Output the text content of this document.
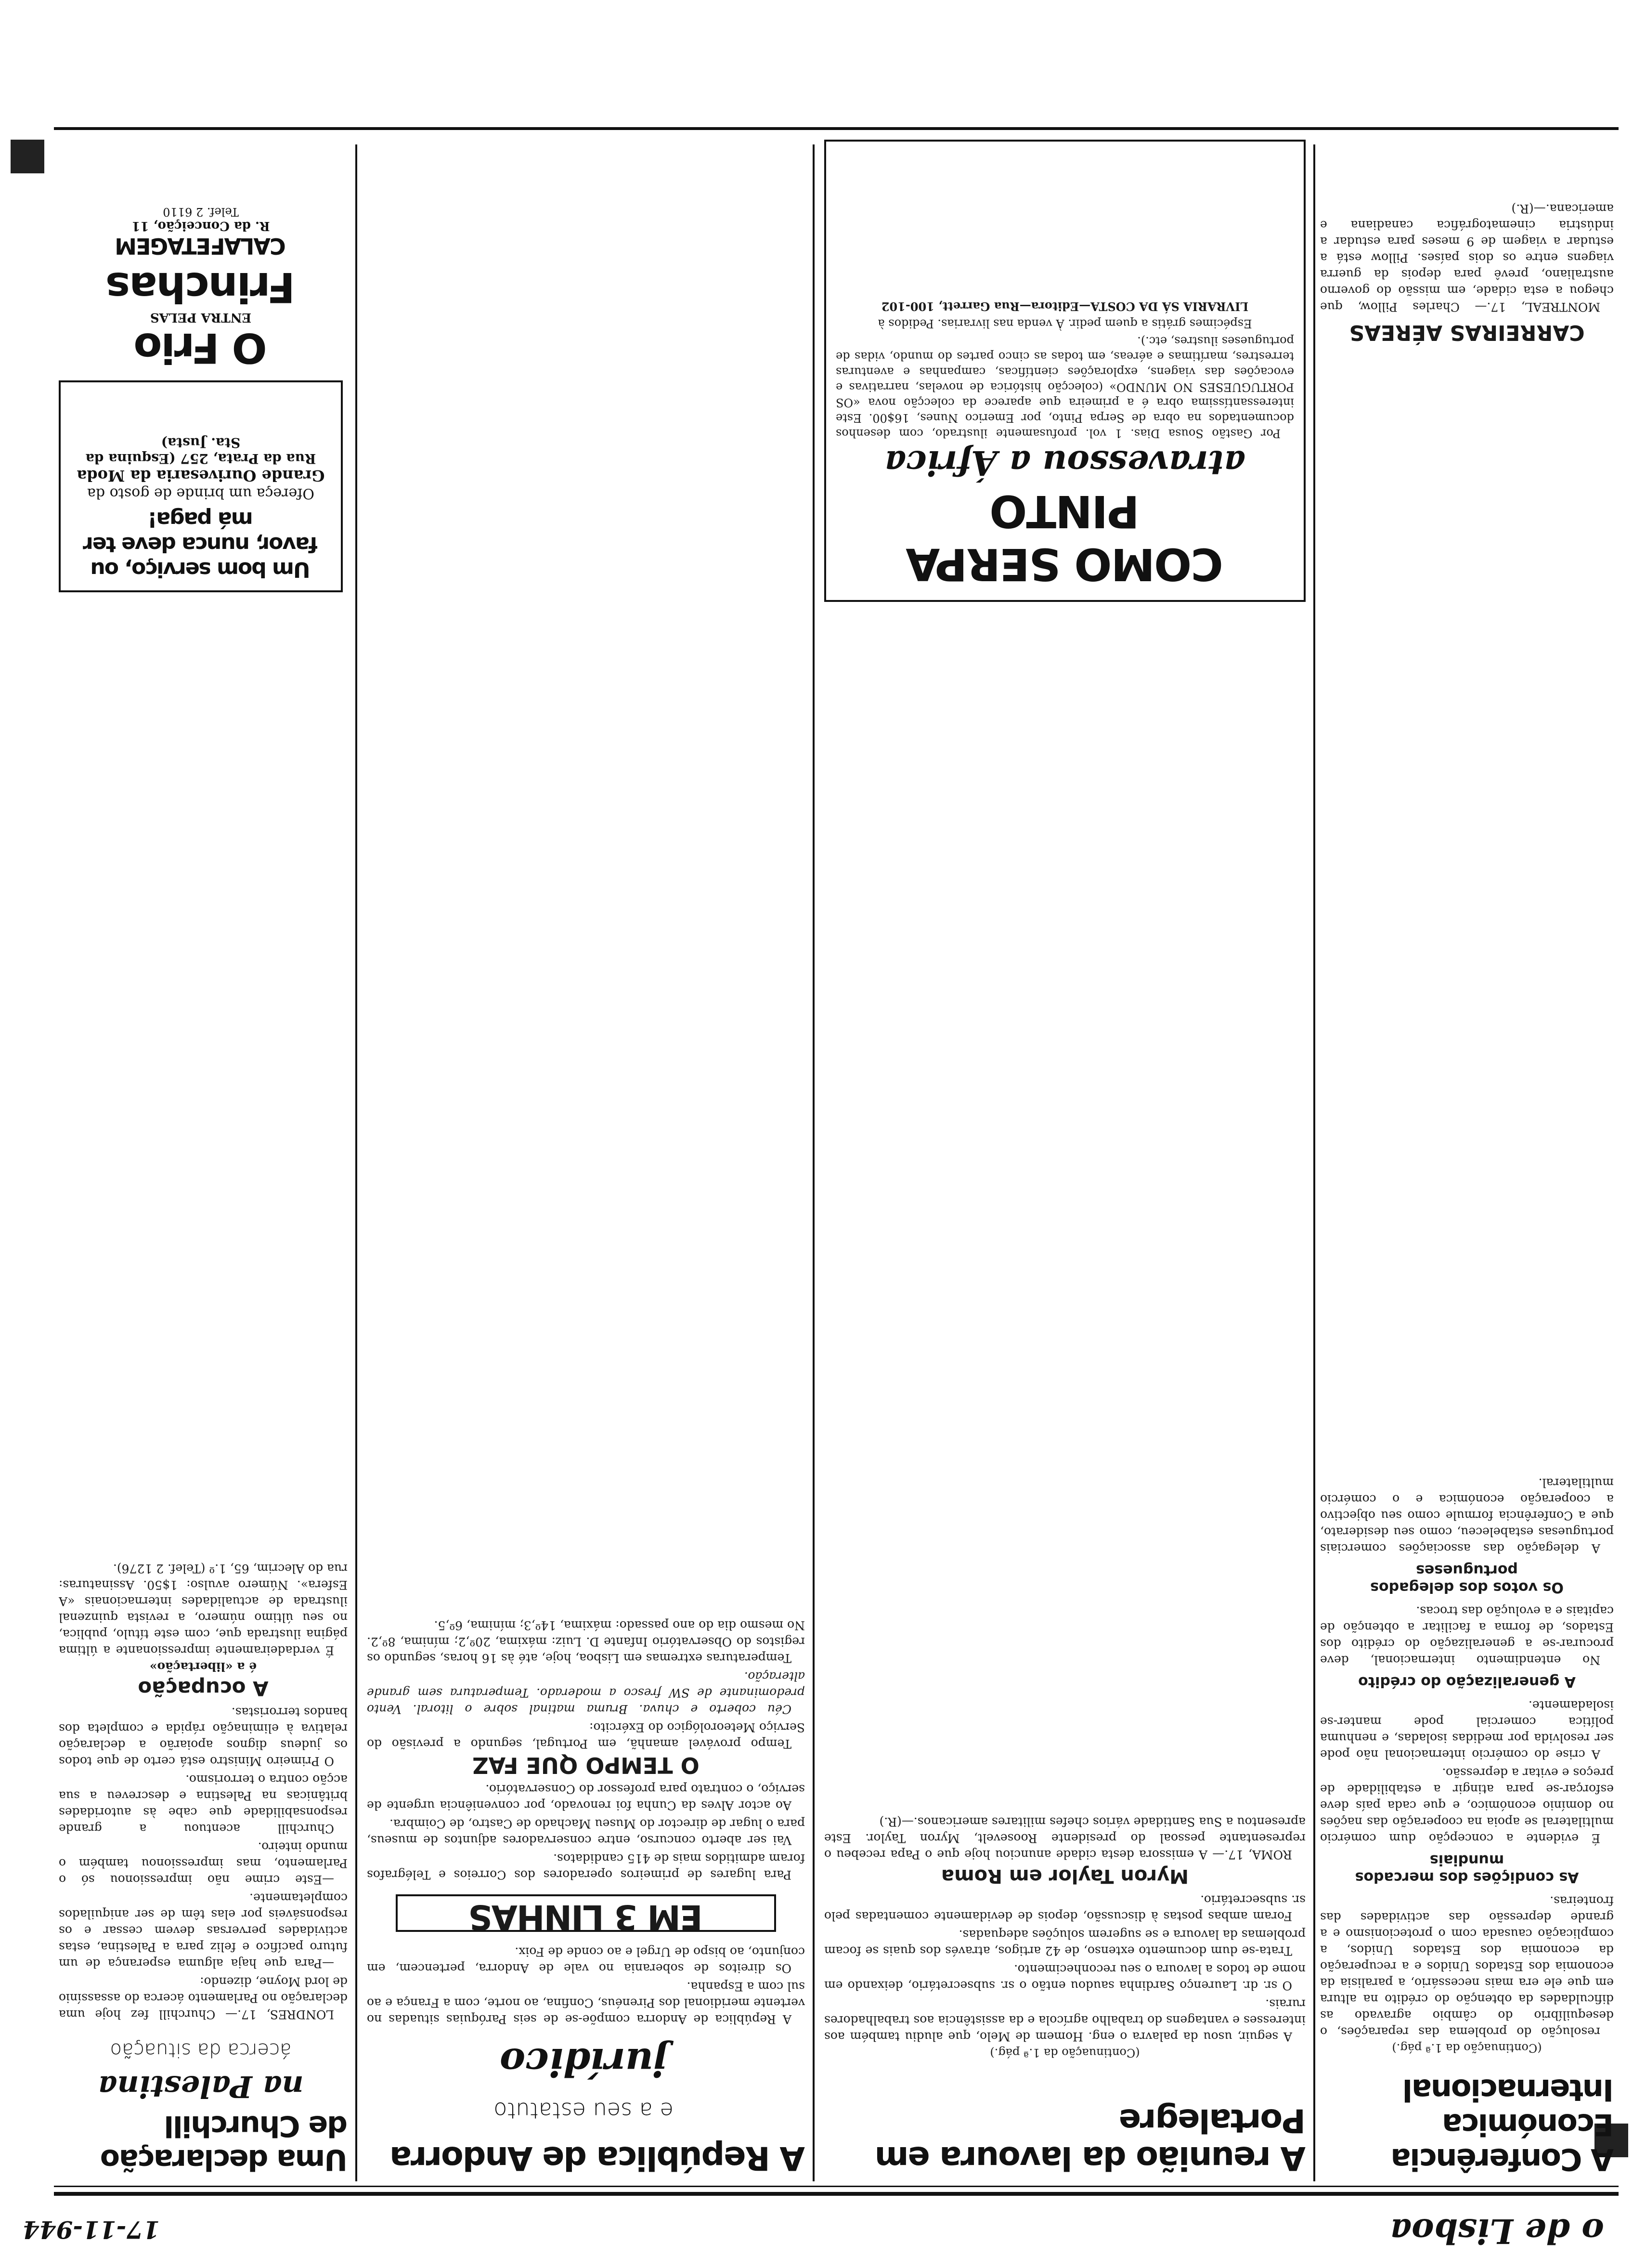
17-11-944	o de Lisboa
A Conferência Económica Internacional
(Continuação da 1.ª pág.)

resolução do problema das reparações, o desequilíbrio do câmbio agravado as dificuldades da obtenção do crédito na altura em que ele era mais necessário, a paralisia da economia dos Estados Unidos e a recuperação da economia dos Estados Unidos, a complicação causada com o protecionismo e a grande depressão das actividades das fronteiras.

As condições dos mercados mundiais

É evidente a concepção dum comércio multilateral se apoia na cooperação das nações no domínio económico, e que cada país deve esforçar-se para atingir a estabilidade de preços e evitar a depressão.

A crise do comércio internacional não pode ser resolvida por medidas isoladas, e nenhuma política comercial pode manter-se isoladamente.

A generalização do crédito

No entendimento internacional, deve procurar-se a generalização do crédito dos Estados, de forma a facilitar a obtenção de capitais e a evolução das trocas.

Os votos dos delegados portugueses

A delegação das associações comerciais portuguesas estabeleceu, como seu desiderato, que a Conferência formule como seu objectivo a cooperação económica e o comércio multilateral.

CARREIRAS AÉREAS

MONTREAL, 17.— Charles Pillow, que chegou a esta cidade, em missão do governo australiano, prevê para depois da guerra viagens entre os dois países. Pillow está a estudar a viagem de 9 meses para estudar a indústria cinematográfica canadiana e americana.—(R.)

A reunião da lavoura em Portalegre
(Continuação da 1.ª pág.)

A seguir, usou da palavra o eng. Homem de Melo, que aludiu também aos interesses e vantagens do trabalho agrícola e da assistência aos trabalhadores rurais.

O sr. dr. Laurenço Sardinha saudou então o sr. subsecretário, deixando em nome de todos a lavoura o seu reconhecimento.

Trata-se dum documento extenso, de 42 artigos, através dos quais se focam problemas da lavoura e se sugerem soluções adequadas.

Foram ambas postas à discussão, depois de devidamente comentadas pelo sr. subsecretário.

Myron Taylor em Roma

ROMA, 17.— A emissora desta cidade anunciou hoje que o Papa recebeu o representante pessoal do presidente Roosevelt, Myron Taylor. Este apresentou a Sua Santidade vários chefes militares americanos.—(R.)

COMO SERPA PINTO
atravessou a África

Por Gastão Sousa Dias. 1 vol. profusamente ilustrado, com desenhos documentados na obra de Serpa Pinto, por Emerico Nunes, 16$00. Este interessantíssima obra é a primeira que aparece da colecção nova «OS PORTUGUESES NO MUNDO» (colecção histórica de novelas, narrativas e evocações das viagens, explorações científicas, campanhas e aventuras terrestres, marítimas e aéreas, em todas as cinco partes do mundo, vidas de portugueses ilustres, etc.).

Espécimes grátis a quem pedir. À venda nas livrarias. Pedidos à

LIVRARIA SÁ DA COSTA—Editora—Rua Garrett, 100-102

A República de Andorra
e a seu estatuto
jurídico

A República de Andorra compõe-se de seis Paróquias situadas no vertente meridional dos Pirenéus, Confina, ao norte, com a França e ao sul com a Espanha.

Os direitos de soberania no vale de Andorra, pertencem, em conjunto, ao bispo de Urgel e ao conde de Foix.

EM 3 LINHAS

Para lugares de primeiros operadores dos Correios e Telégrafos foram admitidos mais de 415 candidatos.

Vai ser aberto concurso, entre conservadores adjuntos de museus, para o lugar de director do Museu Machado de Castro, de Coimbra.

Ao actor Alves da Cunha foi renovado, por conveniência urgente de serviço, o contrato para professor do Conservatório.

O TEMPO QUE FAZ

Tempo provável amanhã, em Portugal, segundo a previsão do Serviço Meteorológico do Exército:

Céu coberto e chuva. Bruma matinal sobre o litoral. Vento predominante de SW fresco a moderado. Temperatura sem grande alteração.

Temperaturas extremas em Lisboa, hoje, até às 16 horas, segundo os registos do Observatório Infante D. Luiz: máxima, 20º,2; mínima, 8º,2. No mesmo dia do ano passado: máxima, 14º,3; mínima, 6º,5.

Uma declaração de Churchill
na Palestina
ácerca da situação

LONDRES, 17.— Churchill fez hoje uma declaração no Parlamento ácerca do assassínio de lord Moyne, dizendo:

—Para que haja alguma esperança de um futuro pacífico e feliz para a Palestina, estas actividades perversas devem cessar e os responsáveis por elas têm de ser aniquilados completamente.

—Este crime não impressionou só o Parlamento, mas impressionou também o mundo inteiro.

Churchill acentuou a grande responsabilidade que cabe às autoridades britânicas na Palestina e descreveu a sua acção contra o terrorismo.

O Primeiro Ministro está certo de que todos os judeus dignos apoiarão a declaração relativa à eliminação rápida e completa dos bandos terroristas.

A ocupação
é a «libertação»

É verdadeiramente impressionante a última página ilustrada que, com este título, publica, no seu último número, a revista quinzenal ilustrada de actualidades internacionais «A Esfera». Número avulso: 1$50. Assinaturas: rua do Alecrim, 65, 1.º (Telef. 2 1276).

Um bom serviço, ou favor, nunca deve ter má paga!
Ofereça um brinde de gosto da
Grande Ourivesaria da Moda
Rua da Prata, 257 (Esquina da Sta. Justa)
O Frio
ENTRA PELAS
Frinchas
CALAFETAGEM
R. da Conceição, 11
Telef. 2 6110
